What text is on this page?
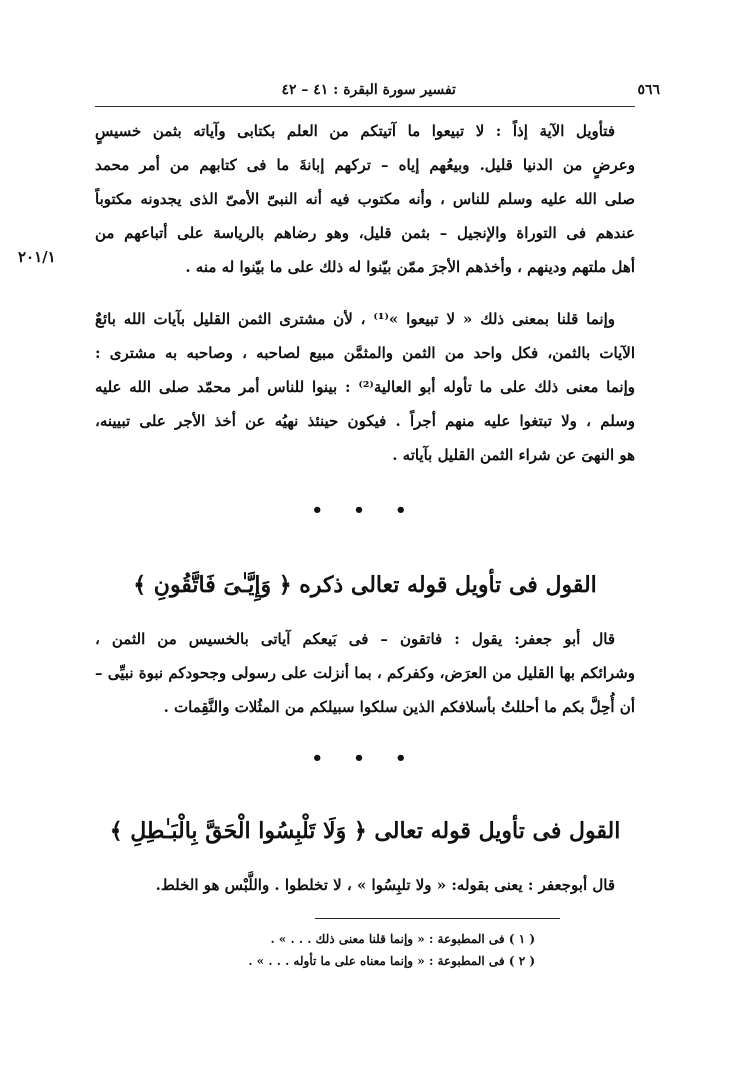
٥٦٦
تفسير سورة البقرة : ٤١ – ٤٢
٢٠١/١
فتأويل الآية إذاً : لا تبيعوا ما آتيتكم من العلم بكتابى وآياته بثمن خسيسٍ
وعرضٍ من الدنيا قليل. وبيعُهم إياه – تركهم إبانةَ ما فى كتابهم من أمر محمد
صلى الله عليه وسلم للناس ، وأنه مكتوب فيه أنه النبىّ الأمىّ الذى يجدونه مكتوباً
عندهم فى التوراة والإنجيل – بثمن قليل، وهو رضاهم بالرياسة على أتباعهم من
أهل ملتهم ودينهم ، وأخذهم الأجرَ ممّن بيّنوا له ذلك على ما بيّنوا له منه .
وإنما قلنا بمعنى ذلك « لا تبيعوا »⁽¹⁾ ، لأن مشترى الثمن القليل بآيات الله بائعٌ
الآيات بالثمن، فكل واحد من الثمن والمثمَّن مبيع لصاحبه ، وصاحبه به مشترى :
وإنما معنى ذلك على ما تأوله أبو العالية⁽²⁾ : بينوا للناس أمر محمّد صلى الله عليه
وسلم ، ولا تبتغوا عليه منهم أجراً . فيكون حينئذ نهيُه عن أخذ الأجر على تبيينه،
هو النهىَ عن شراء الثمن القليل بآياته .
• • •
القول فى تأويل قوله تعالى ذكره ﴿ وَإِيَّـٰىَ فَاتَّقُونِ ﴾
قال أبو جعفر: يقول : فاتقون – فى بَيعكم آياتى بالخسيس من الثمن ،
وشرائكم بها القليل من العرَض، وكفركم ، بما أنزلت على رسولى وجحودكم نبوة نبيِّى –
أن أُحِلَّ بكم ما أحللتُ بأسلافكم الذين سلكوا سبيلكم من المثُلات والنَّقِمات .
• • •
القول فى تأويل قوله تعالى ﴿ وَلَا تَلْبِسُوا الْحَقَّ بِالْبَـٰطِلِ ﴾
قال أبوجعفر : يعنى بقوله: « ولا تلبِسُوا » ، لا تخلطوا . واللَّبْس هو الخلط.
( ١ ) فى المطبوعة : « وإنما قلنا معنى ذلك . . . » .
( ٢ ) فى المطبوعة : « وإنما معناه على ما تأوله . . . » .
